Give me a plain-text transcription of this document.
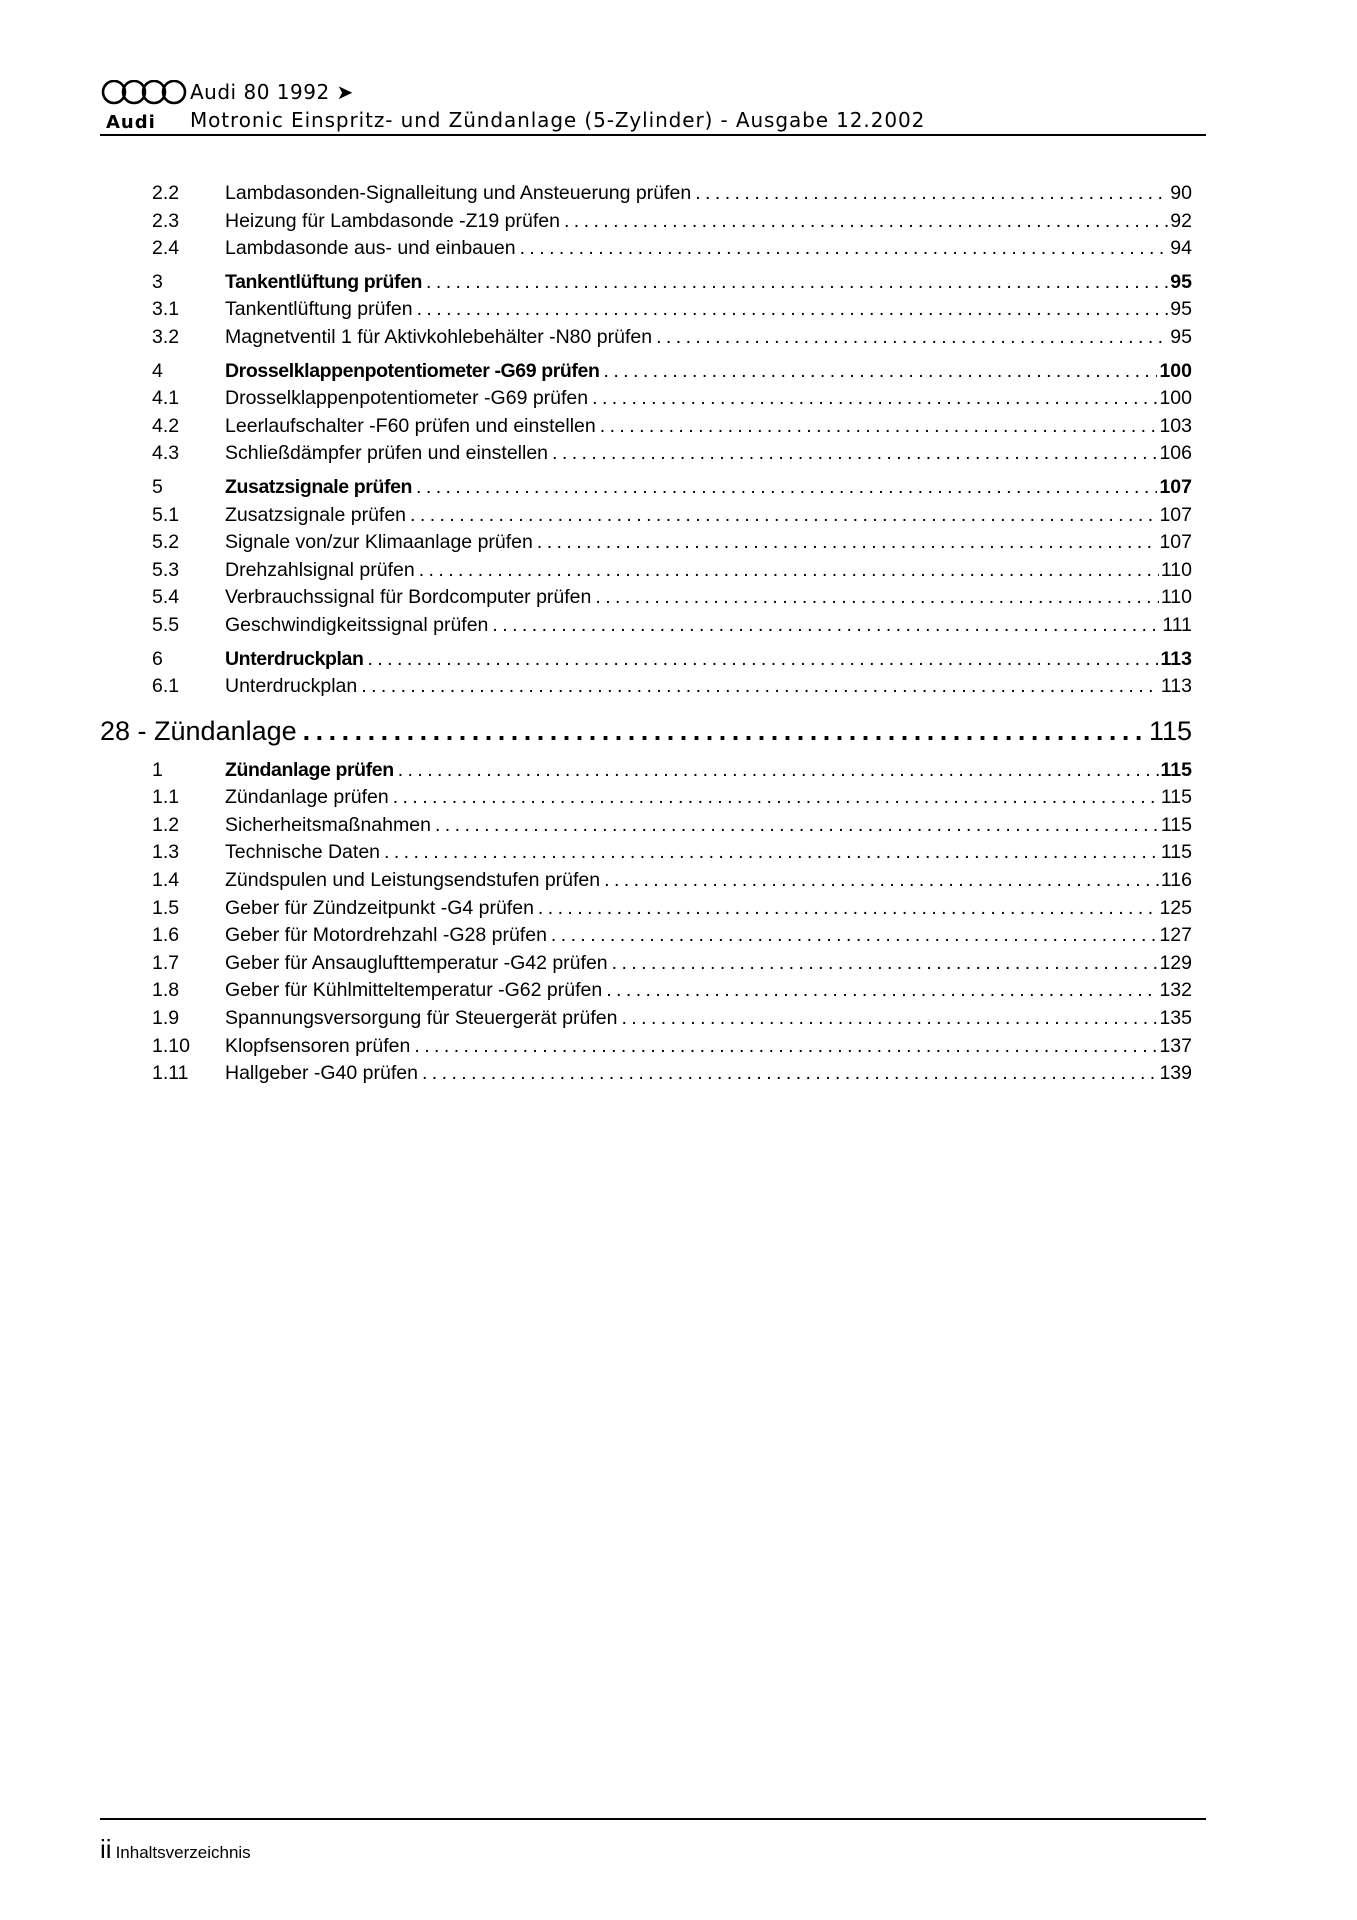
Audi
Audi 80 1992 ➤
Motronic Einspritz- und Zündanlage (5-Zylinder) - Ausgabe 12.2002
2.2	Lambdasonden-Signalleitung und Ansteuerung prüfen . . .	90
2.3	Heizung für Lambdasonde -Z19 prüfen . . .	92
2.4	Lambdasonde aus- und einbauen . . .	94
3	Tankentlüftung prüfen . . .	95
3.1	Tankentlüftung prüfen . . .	95
3.2	Magnetventil 1 für Aktivkohlebehälter -N80 prüfen . . .	95
4	Drosselklappenpotentiometer -G69 prüfen . . .	100
4.1	Drosselklappenpotentiometer -G69 prüfen . . .	100
4.2	Leerlaufschalter -F60 prüfen und einstellen . . .	103
4.3	Schließdämpfer prüfen und einstellen . . .	106
5	Zusatzsignale prüfen . . .	107
5.1	Zusatzsignale prüfen . . .	107
5.2	Signale von/zur Klimaanlage prüfen . . .	107
5.3	Drehzahlsignal prüfen . . .	110
5.4	Verbrauchssignal für Bordcomputer prüfen . . .	110
5.5	Geschwindigkeitssignal prüfen . . .	111
6	Unterdruckplan . . .	113
6.1	Unterdruckplan . . .	113
28 - Zündanlage . . .	115
1	Zündanlage prüfen . . .	115
1.1	Zündanlage prüfen . . .	115
1.2	Sicherheitsmaßnahmen . . .	115
1.3	Technische Daten . . .	115
1.4	Zündspulen und Leistungsendstufen prüfen . . .	116
1.5	Geber für Zündzeitpunkt -G4 prüfen . . .	125
1.6	Geber für Motordrehzahl -G28 prüfen . . .	127
1.7	Geber für Ansauglufttemperatur -G42 prüfen . . .	129
1.8	Geber für Kühlmitteltemperatur -G62 prüfen . . .	132
1.9	Spannungsversorgung für Steuergerät prüfen . . .	135
1.10	Klopfsensoren prüfen . . .	137
1.11	Hallgeber -G40 prüfen . . .	139
ii Inhaltsverzeichnis
